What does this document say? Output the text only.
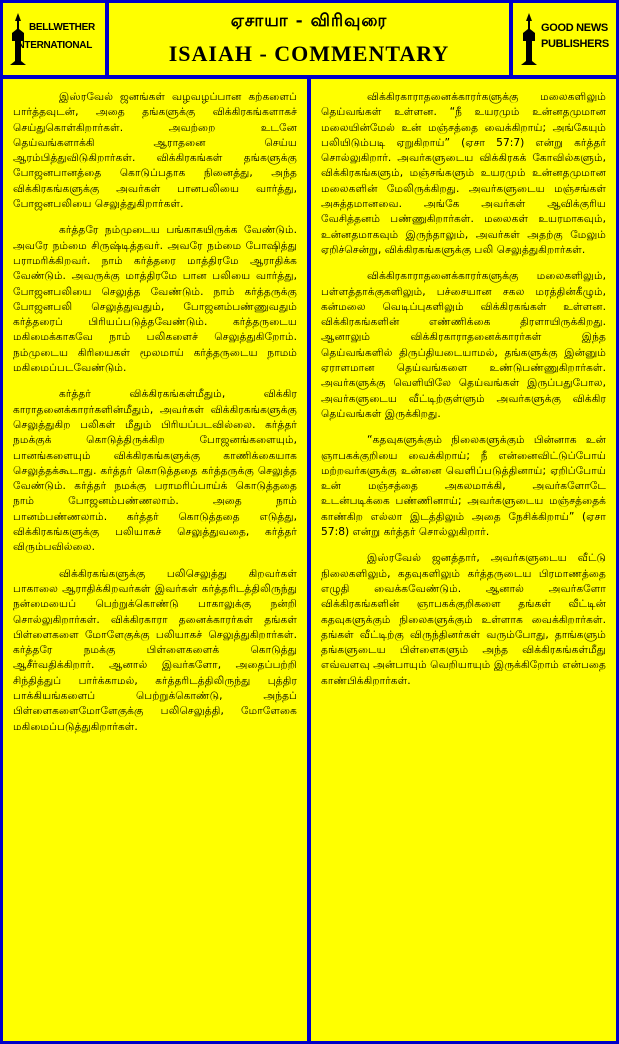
BELLWETHER
INTERNATIONAL
ஏசாயா - விரிவுரை
ISAIAH - COMMENTARY
GOOD NEWS
PUBLISHERS

இஸ்ரவேல் ஜனங்கள் வழவழப்பான கற்களைப் பார்த்தவுடன், அதை தங்களுக்கு விக்கிரகங்களாகச் செய்துகொள்கிறார்கள். அவற்றை உடனே தெய்வங்களாக்கி ஆராதனை செய்ய ஆரம்பித்துவிடுகிறார்கள். விக்கிரகங்கள் தங்களுக்கு போஜனபானத்தை கொடுப்பதாக நினைத்து, அந்த விக்கிரகங்களுக்கு அவர்கள் பானபலியை வார்த்து, போஜனபலியை செலுத்துகிறார்கள்.

கர்த்தரே நம்முடைய பங்காகயிருக்க வேண்டும். அவரே நம்மை சிருஷ்டித்தவர். அவரே நம்மை போஷித்து பராமரிக்கிறவர். நாம் கர்த்தரை மாத்திரமே ஆராதிக்க வேண்டும். அவருக்கு மாத்திரமே பான பலியை வார்த்து, போஜனபலியை செலுத்த வேண்டும். நாம் கர்த்தருக்கு போஜனபலி செலுத்துவதும், போஜனம்பண்ணுவதும் கர்த்தரைப் பிரியப்படுத்தவேண்டும். கர்த்தருடைய மகிமைக்காகவே நாம் பலிகளைச் செலுத்துகிறோம். நம்முடைய கிரியைகள் மூலமாய் கர்த்தருடைய நாமம் மகிமைப்படவேண்டும்.

கர்த்தர் விக்கிரகங்கள்மீதும், விக்கிர காராதனைக்காரர்களின்மீதும், அவர்கள் விக்கிரகங்களுக்கு செலுத்துகிற பலிகள் மீதும் பிரியப்படவில்லை. கர்த்தர் நமக்குக் கொடுத்திருக்கிற போஜனங்களையும், பானங்களையும் விக்கிரகங்களுக்கு காணிக்கையாக செலுத்தக்கூடாது. கர்த்தர் கொடுத்ததை கர்த்தருக்கு செலுத்த வேண்டும். கர்த்தர் நமக்கு பராமரிப்பாய்க் கொடுத்ததை நாம் போஜனம்பண்ணலாம். அதை நாம் பானம்பண்ணலாம். கர்த்தர் கொடுத்ததை எடுத்து, விக்கிரகங்களுக்கு பலியாகச் செலுத்துவதை, கர்த்தர் விரும்பவில்லை.

விக்கிரகங்களுக்கு பலிசெலுத்து கிறவர்கள் பாகாலை ஆராதிக்கிறவர்கள் இவர்கள் கர்த்தரிடத்திலிருந்து நன்மையைப் பெற்றுக்கொண்டு பாகாலுக்கு நன்றி சொல்லுகிறார்கள். விக்கிரகாரா தனைக்காரர்கள் தங்கள் பிள்ளைகளை மோளேகுக்கு பலியாகச் செலுத்துகிறார்கள். கர்த்தரே நமக்கு பிள்ளைகளைக் கொடுத்து ஆசீர்வதிக்கிறார். ஆனால் இவர்களோ, அதைப்பற்றி சிந்தித்துப் பார்க்காமல், கர்த்தரிடத்திலிருந்து புத்திர பாக்கியங்களைப் பெற்றுக்கொண்டு, அந்தப் பிள்ளைகளைமோளேகுக்கு பலிசெலுத்தி, மோளேகை மகிமைப்படுத்துகிறார்கள்.

விக்கிரகாராதனைக்காரர்களுக்கு மலைகளிலும் தெய்வங்கள் உள்ளன. “நீ உயரமும் உன்னதமுமான மலையின்மேல் உன் மஞ்சத்தை வைக்கிறாய்; அங்கேயும் பலியிடும்படி ஏறுகிறாய்” (ஏசா 57:7) என்று கர்த்தர் சொல்லுகிறார். அவர்களுடைய விக்கிரகக் கோவில்களும், விக்கிரகங்களும், மஞ்சங்களும் உயரமும் உன்னதமுமான மலைகளின் மேலிருக்கிறது. அவர்களுடைய மஞ்சங்கள் அசுத்தமானவை. அங்கே அவர்கள் ஆவிக்குரிய வேசித்தனம் பண்ணுகிறார்கள். மலைகள் உயரமாகவும், உன்னதமாகவும் இருந்தாலும், அவர்கள் அதற்கு மேலும் ஏறிச்சென்று, விக்கிரகங்களுக்கு பலி செலுத்துகிறார்கள்.

விக்கிரகாராதனைக்காரர்களுக்கு மலைகளிலும், பள்ளத்தாக்குகளிலும், பச்சையான சகல மரத்தின்கீழும், கன்மலை வெடிப்புகளிலும் விக்கிரகங்கள் உள்ளன. விக்கிரகங்களின் எண்ணிக்கை திரளாயிருக்கிறது. ஆனாலும் விக்கிரகாராதனைக்காரர்கள் இந்த தெய்வங்களில் திருப்தியடையாமல், தங்களுக்கு இன்னும் ஏராளமான தெய்வங்களை உண்டுபண்ணுகிறார்கள். அவர்களுக்கு வெளியிலே தெய்வங்கள் இருப்பதுபோல, அவர்களுடைய வீட்டிற்குள்ளும் அவர்களுக்கு விக்கிர தெய்வங்கள் இருக்கிறது.

“கதவுகளுக்கும் நிலைகளுக்கும் பின்னாக உன் ஞாபகக்குறியை வைக்கிறாய்; நீ என்னைவிட்டுப்போய் மற்றவர்களுக்கு உன்னை வெளிப்படுத்தினாய்; ஏறிப்போய் உன் மஞ்சத்தை அகலமாக்கி, அவர்களோடே உடன்படிக்கை பண்ணினாய்; அவர்களுடைய மஞ்சத்தைக் காண்கிற எல்லா இடத்திலும் அதை நேசிக்கிறாய்” (ஏசா 57:8) என்று கர்த்தர் சொல்லுகிறார்.

இஸ்ரவேல் ஜனத்தார், அவர்களுடைய வீட்டு நிலைகளிலும், கதவுகளிலும் கர்த்தருடைய பிரமாணத்தை எழுதி வைக்கவேண்டும். ஆனால் அவர்களோ விக்கிரகங்களின் ஞாபகக்குறிகளை தங்கள் வீட்டின் கதவுகளுக்கும் நிலைகளுக்கும் உள்ளாக வைக்கிறார்கள். தங்கள் வீட்டிற்கு விருந்தினர்கள் வரும்போது, தாங்களும் தங்களுடைய பிள்ளைகளும் அந்த விக்கிரகங்கள்மீது எவ்வளவு அன்பாயும் வெறியாயும் இருக்கிறோம் என்பதை காண்பிக்கிறார்கள்.
